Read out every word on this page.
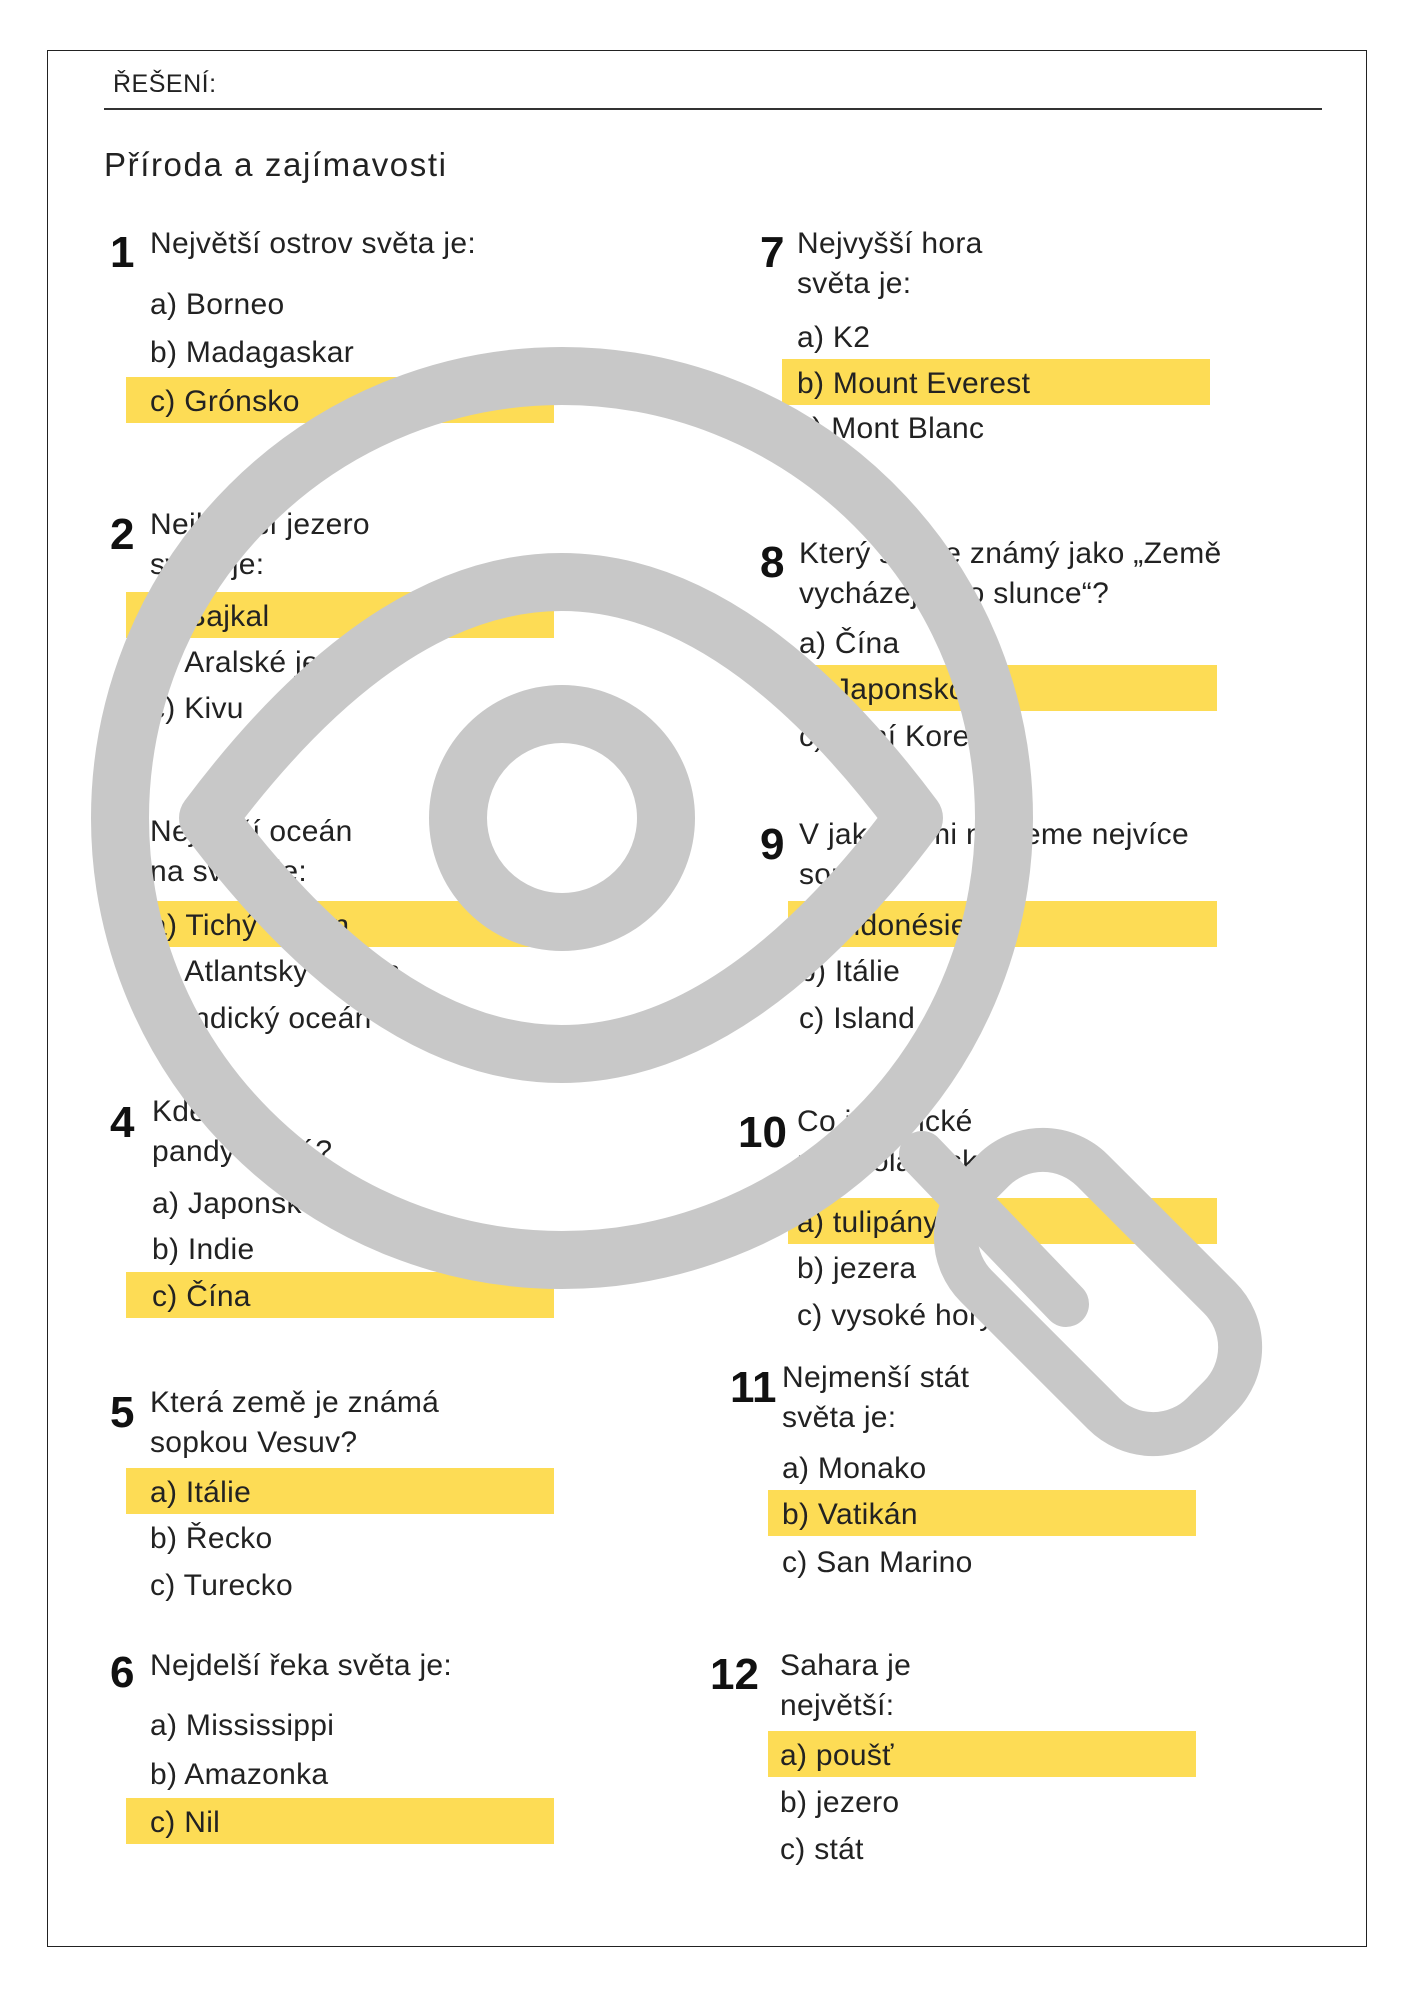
ŘEŠENÍ:
Příroda a zajímavosti
1 Největší ostrov světa je:
a) Borneo
b) Madagaskar
c) Grónsko
2 Nejhlubší jezero
světa je:
a) Bajkal
b) Aralské jezero
c) Kivu
3 Největší oceán
na světě je:
a) Tichý oceán
b) Atlantský oceán
c) Indický oceán
4 Kde žijí
pandy velké?
a) Japonsko
b) Indie
c) Čína
5 Která země je známá
sopkou Vesuv?
a) Itálie
b) Řecko
c) Turecko
6 Nejdelší řeka světa je:
a) Mississippi
b) Amazonka
c) Nil
7 Nejvyšší hora
světa je:
a) K2
b) Mount Everest
c) Mont Blanc
8 Který stát je známý jako „Země
vycházejícího slunce“?
a) Čína
b) Japonsko
c) Jižní Korea
9 V jaké zemi najdeme nejvíce
sopek?
a) Indonésie
b) Itálie
c) Island
10 Co je typické
pro Holandsko?
a) tulipány
b) jezera
c) vysoké hory
11 Nejmenší stát
světa je:
a) Monako
b) Vatikán
c) San Marino
12 Sahara je
největší:
a) poušť
b) jezero
c) stát
